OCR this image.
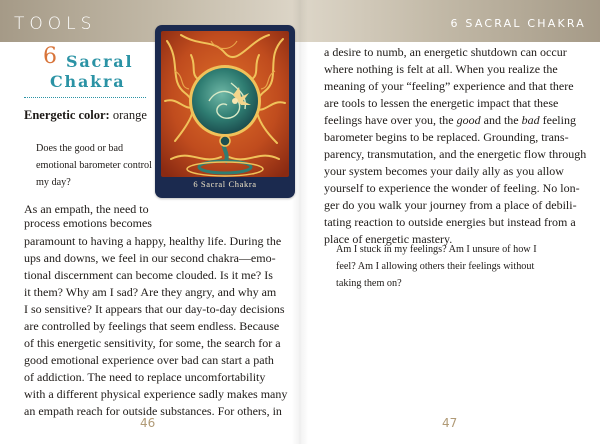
TOOLS
6 Sacral
Chakra
Energetic color: orange
Does the good or bad emotional barometer control my day?	6 Sacral Chakra
As an empath, the need to
process emotions becomes
paramount to having a happy, healthy life. During the
ups and downs, we feel in our second chakra—emo-
tional discernment can become clouded. Is it me? Is
it them? Why am I sad? Are they angry, and why am
I so sensitive? It appears that our day-to-day decisions
are controlled by feelings that seem endless. Because
of this energetic sensitivity, for some, the search for a
good emotional experience over bad can start a path
of addiction. The need to replace uncomfortability
with a different physical experience sadly makes many
an empath reach for outside substances. For others, in
46
6 SACRAL CHAKRA
a desire to numb, an energetic shutdown can occur
where nothing is felt at all. When you realize the
meaning of your “feeling” experience and that there
are tools to lessen the energetic impact that these
feelings have over you, the good and the bad feeling
barometer begins to be replaced. Grounding, trans-
parency, transmutation, and the energetic flow through
your system becomes your daily ally as you allow
yourself to experience the wonder of feeling. No lon-
ger do you walk your journey from a place of debili-
tating reaction to outside energies but instead from a
place of energetic mastery.
Am I stuck in my feelings? Am I unsure of how I
feel? Am I allowing others their feelings without
taking them on?
47
